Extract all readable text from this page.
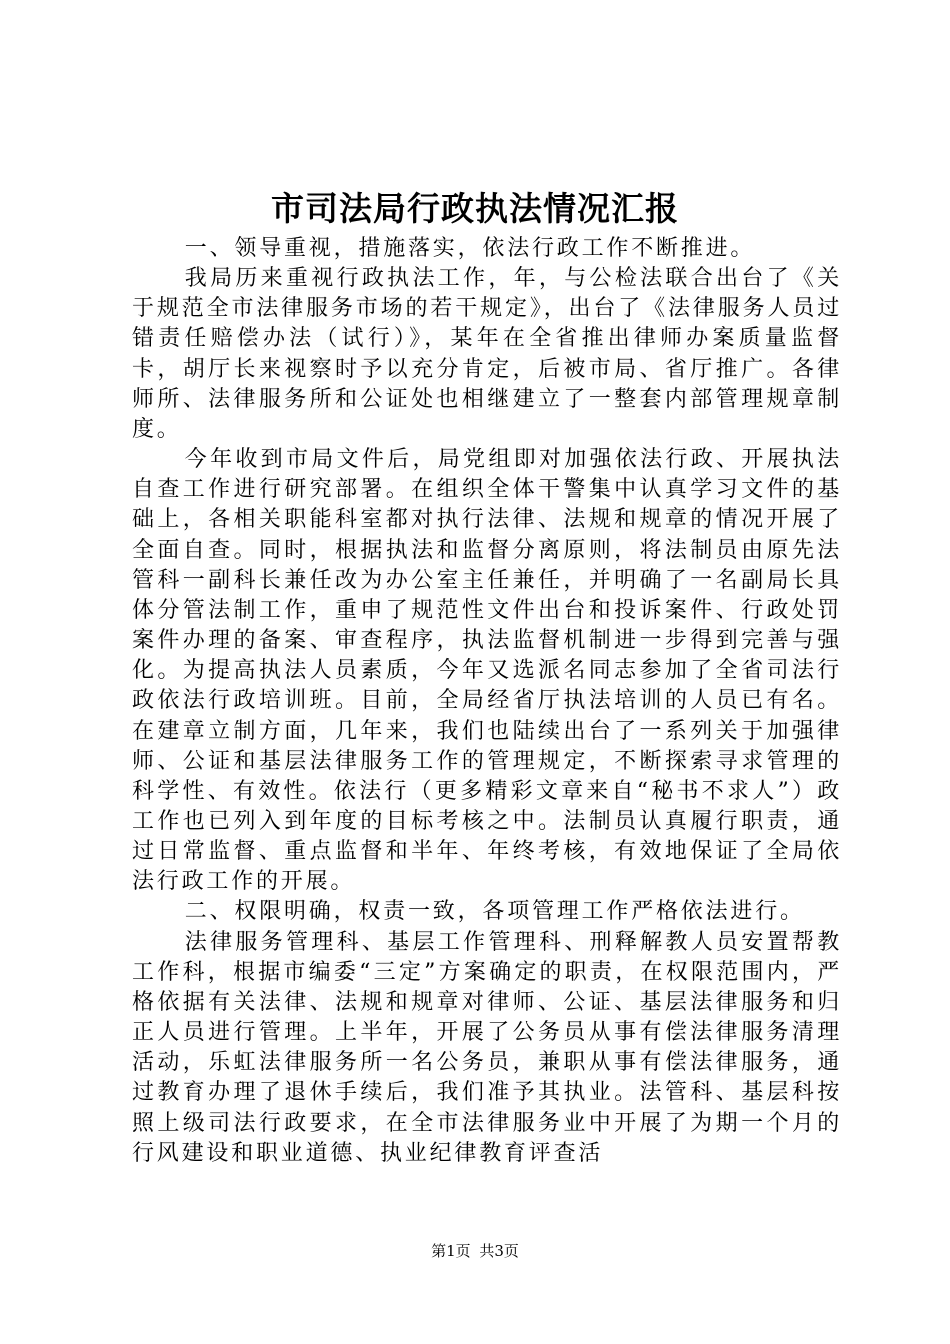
市司法局行政执法情况汇报

一、领导重视，措施落实，依法行政工作不断推进。

我局历来重视行政执法工作，年，与公检法联合出台了《关于规范全市法律服务市场的若干规定》，出台了《法律服务人员过错责任赔偿办法（试行）》，某年在全省推出律师办案质量监督卡，胡厅长来视察时予以充分肯定，后被市局、省厅推广。各律师所、法律服务所和公证处也相继建立了一整套内部管理规章制度。

今年收到市局文件后，局党组即对加强依法行政、开展执法自查工作进行研究部署。在组织全体干警集中认真学习文件的基础上，各相关职能科室都对执行法律、法规和规章的情况开展了全面自查。同时，根据执法和监督分离原则，将法制员由原先法管科一副科长兼任改为办公室主任兼任，并明确了一名副局长具体分管法制工作，重申了规范性文件出台和投诉案件、行政处罚案件办理的备案、审查程序，执法监督机制进一步得到完善与强化。为提高执法人员素质，今年又选派名同志参加了全省司法行政依法行政培训班。目前，全局经省厅执法培训的人员已有名。在建章立制方面，几年来，我们也陆续出台了一系列关于加强律师、公证和基层法律服务工作的管理规定，不断探索寻求管理的科学性、有效性。依法行（更多精彩文章来自“秘书不求人”）政工作也已列入到年度的目标考核之中。法制员认真履行职责，通过日常监督、重点监督和半年、年终考核，有效地保证了全局依法行政工作的开展。

二、权限明确，权责一致，各项管理工作严格依法进行。

法律服务管理科、基层工作管理科、刑释解教人员安置帮教工作科，根据市编委“三定”方案确定的职责，在权限范围内，严格依据有关法律、法规和规章对律师、公证、基层法律服务和归正人员进行管理。上半年，开展了公务员从事有偿法律服务清理活动，乐虹法律服务所一名公务员，兼职从事有偿法律服务，通过教育办理了退休手续后，我们准予其执业。法管科、基层科按照上级司法行政要求，在全市法律服务业中开展了为期一个月的行风建设和职业道德、执业纪律教育评查活

第1页 共3页
